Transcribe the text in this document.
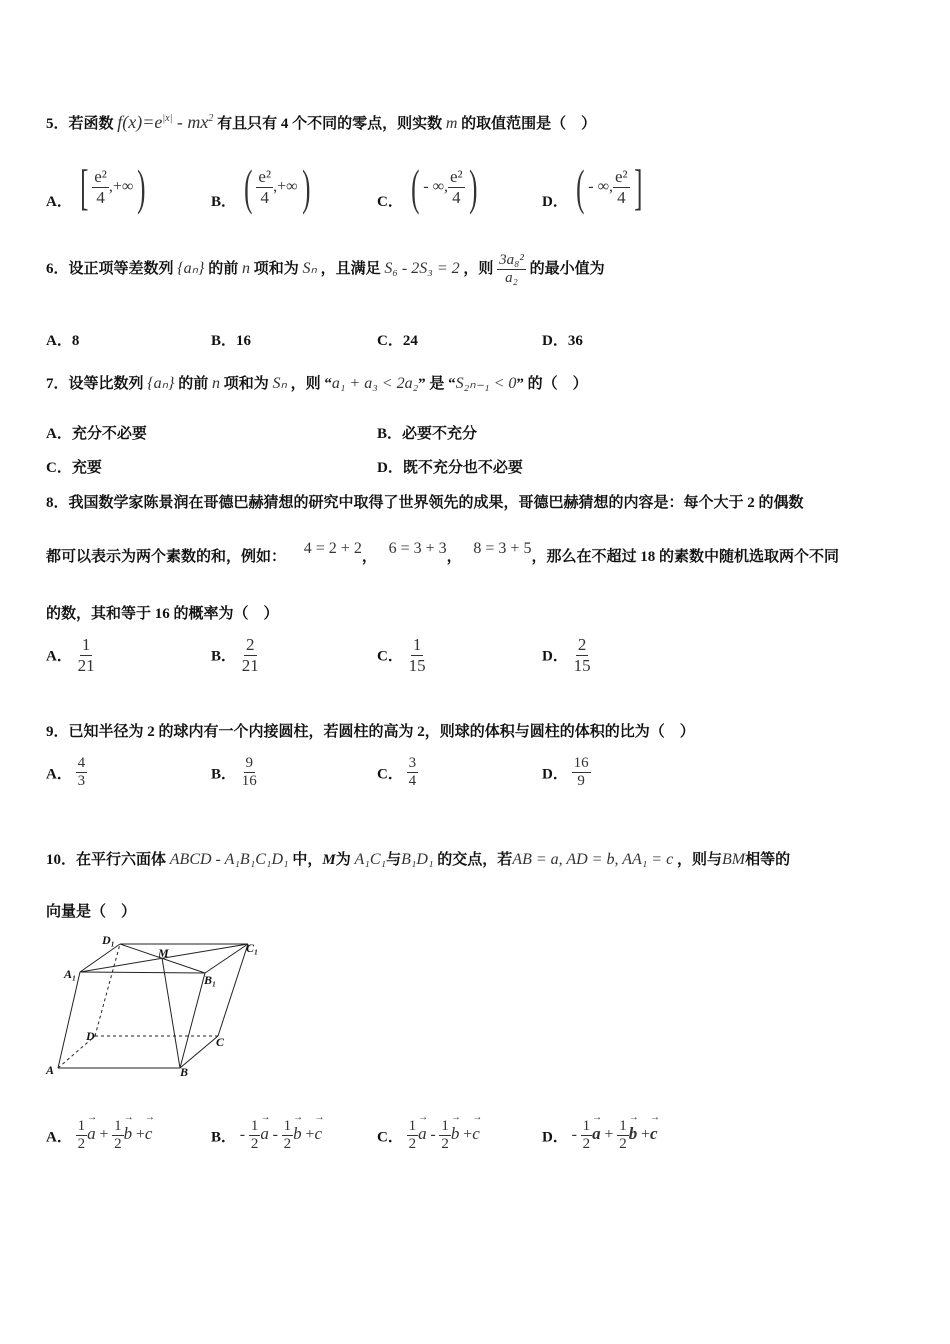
5．若函数 $f(x)=e^{|x|} - mx^2$ 有且只有 4 个不同的零点，则实数 m 的取值范围是（　）
A． [ $\frac{\text{e²}}{4}$ ,+∞ )	B． ( $\frac{\text{e²}}{4}$ ,+∞ )	C． ( - ∞, $\frac{\text{e²}}{4}$ )	D． ( - ∞, $\frac{\text{e²}}{4}$ ]
6．设正项等差数列 {aₙ} 的前 n 项和为 Sₙ ，且满足 S₆ - 2S₃ = 2 ，则 $\frac{\text{3a₈²}}{\text{a₂}}$ 的最小值为
A．8	B．16	C．24	D．36
7．设等比数列 {aₙ} 的前 n 项和为 Sₙ ，则 “a₁ + a₃ < 2a₂” 是 “S₂ₙ₋₁ < 0” 的（　）
A．充分不必要	B．必要不充分
C．充要	D．既不充分也不必要
8．我国数学家陈景润在哥德巴赫猜想的研究中取得了世界领先的成果，哥德巴赫猜想的内容是：每个大于 2 的偶数
都可以表示为两个素数的和，例如： 4 = 2 + 2， 6 = 3 + 3， 8 = 3 + 5，那么在不超过 18 的素数中随机选取两个不同
的数，其和等于 16 的概率为（　）
A． $\frac{1}{21}$	B． $\frac{2}{21}$	C． $\frac{1}{15}$	D． $\frac{2}{15}$
9．已知半径为 2 的球内有一个内接圆柱，若圆柱的高为 2，则球的体积与圆柱的体积的比为（　）
A． $\frac{4}{3}$	B． $\frac{9}{16}$	C． $\frac{3}{4}$	D． $\frac{16}{9}$
10．在平行六面体 ABCD - A₁B₁C₁D₁ 中，M为 A₁C₁与B₁D₁ 的交点，若AB = a, AD = b, AA₁ = c ，则与BM相等的
向量是（　）
D₁
M	C₁
A₁	B₁
D	C
A	B
A． $\frac{1}{2}$
→ $a + \frac{1}{2}$
→ b +→ c	B． - $\frac{1}{2}$
→ a - $\frac{1}{2}$
→ b +→ c	C． $\frac{1}{2}$
→ a - $\frac{1}{2}$
→ b +→ c	D． - $\frac{1}{2}$
→ $a + \frac{1}{2}$
→ b +→ c
